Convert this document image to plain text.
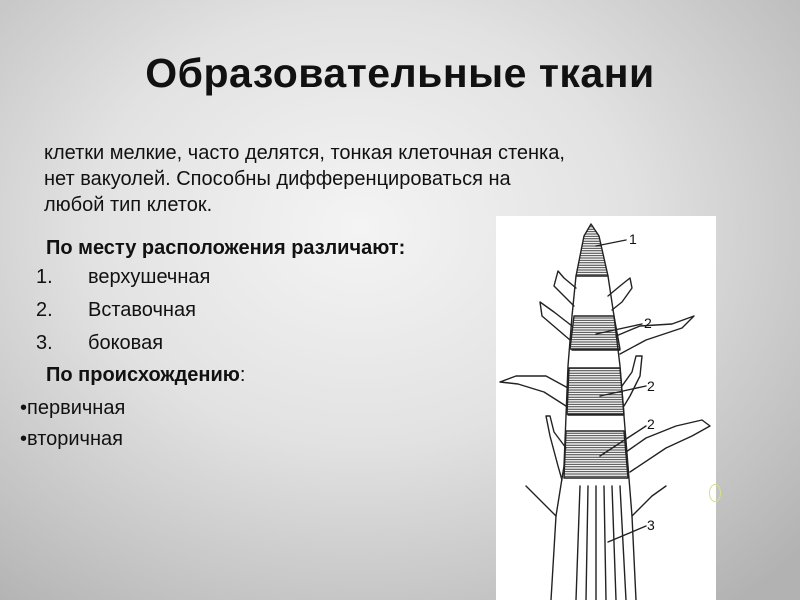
Образовательные ткани

клетки мелкие, часто делятся, тонкая клеточная стенка,

нет вакуолей. Способны дифференцироваться на

любой тип клеток.

По месту расположения различают:
1. верхушечная
2. Вставочная
3. боковая
По происхождению:
•первичная
•вторичная
1
2
2
2
3
